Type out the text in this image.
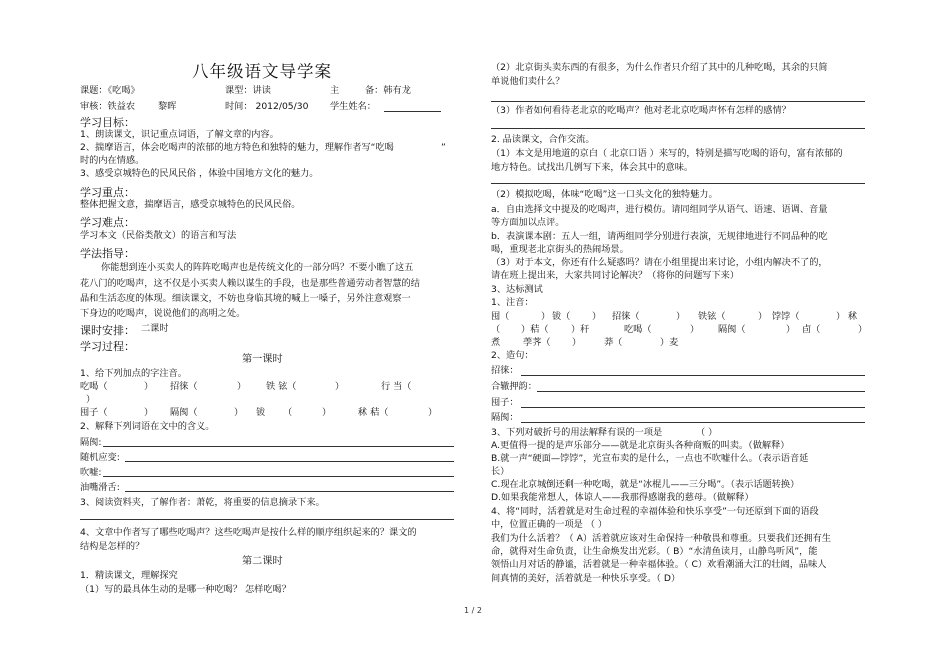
八年级语文导学案
课题：《吃喝》	课型：讲读	主	备：韩有龙
审核：铁益农 黎晖	时间： 2012/05/30 学生姓名：
学习目标：
1、朗读课文，识记重点词语，了解文章的内容。
2、揣摩语言，体会吃喝声的浓郁的地方特色和独特的魅力，理解作者写“吃喝	”
时的内在情感。
3、感受京城特色的民风民俗 ，体验中国地方文化的魅力。
学习重点：
整体把握文意，揣摩语言，感受京城特色的民风民俗。
学习难点：
学习本文（民俗类散文）的语言和写法
学法指导：
你能想到连小买卖人的阵阵吃喝声也是传统文化的一部分吗？不要小瞧了这五
花八门的吃喝声，这不仅是小买卖人赖以谋生的手段，也是那些普通劳动者智慧的结
晶和生活态度的体现。细读课文，不妨也身临其境的喊上一嗓子，另外注意观察一
下身边的吃喝声，说说他们的高明之处。
课时安排： 二课时
学习过程：
第一课时
1、给下列加点的字注音。
吃喝（	） 招徕（	） 铁 铉（	）	行 当（
）
囤子（	） 隔阂（	） 钹 （	）	秫 秸（	）
2、解释下列词语在文中的含义。
隔阂:
随机应变:
吹嘘:
油嘴滑舌:
3、阅读资料夹，了解作者：萧乾，将重要的信息摘录下来。
4、文章中作者写了哪些吃喝声？这些吃喝声是按什么样的顺序组织起来的？课文的
结构是怎样的？
第二课时
1．精读课文，理解探究
（1）写的最具体生动的是哪一种吃喝？ 怎样吃喝？
（2）北京街头卖东西的有很多，为什么作者只介绍了其中的几种吃喝，其余的只简
单说他们卖什么？
（3）作者如何看待老北京的吃喝声？他对老北京吃喝声怀有怎样的感情？
2. 品读课文，合作交流。
（1）本文是用地道的京白（ 北京口语 ）来写的，特别是描写吃喝的语句，富有浓郁的
地方特色。试找出几例写下来，体会其中的意味。
（2）模拟吃喝，体味“吃喝”这一口头文化的独特魅力。
a．自由选择文中提及的吃喝声，进行模仿。请同组同学从语气、语速、语调、音量
等方面加以点评。
b．表演课本剧：五人一组，请两组同学分别进行表演，无规律地进行不同品种的吃
喝，重现老北京街头的热闹场景。
（3）对于本文，你还有什么疑惑吗？请在小组里提出来讨论，小组内解决不了的，
请在班上提出来，大家共同讨论解决？（将你的问题写下来）
3、达标测试
1、注音：
囤（	） 钹（ ） 招徕（	） 铁铉（	） 饽饽（	） 秫
（ ）秸（ ）秆	吃喝（	） 隔阂（	） 卣（	）
煮 荸荠（ ） 莽（	）麦
2、造句：
招徕：
合辙押韵：
囤子：
隔阂：
3、下列对破折号的用法解释有误的一项是	（ ）
A.更值得一提的是声乐部分——就是北京街头各种商贩的叫卖。（做解释）
B.就一声“硬面—饽饽”，光宣布卖的是什么，一点也不吹嘘什么。（表示语音延
长）
C.现在北京城倒还剩一种吃喝，就是“冰棍儿——三分喝”。（表示话题转换）
D.如果我能常想人，体谅人——我那得感谢我的慈母。（做解释）
4、将“同时，活着就是对生命过程的幸福体验和快乐享受”一句还原到下面的语段
中，位置正确的一项是 （ ）
我们为什么活着？（ A）活着就应该对生命保持一种敬畏和尊重。只要我们还拥有生
命，就得对生命负责，让生命焕发出光彩。（ B）“水清鱼读月，山静鸟听风”，能
领悟山月对话的静谧，活着就是一种幸福体验。（ C）欢看潮涌大江的壮阔，品味人
间真情的美好，活着就是一种快乐享受。（ D）
1 / 2
